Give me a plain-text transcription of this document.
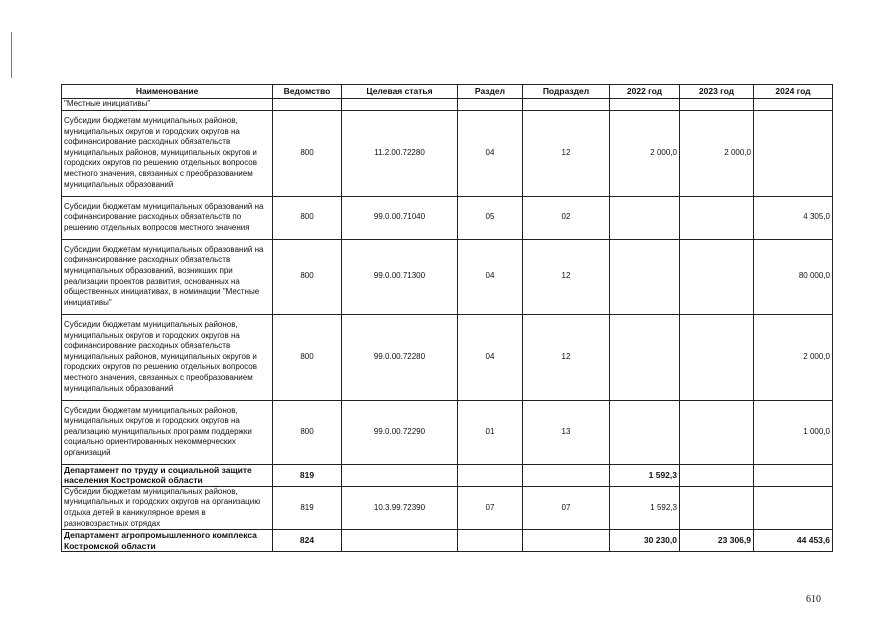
Наименование	Ведомство	Целевая статья	Раздел	Подраздел	2022 год	2023 год	2024 год
"Местные инициативы"							
Субсидии бюджетам муниципальных районов, муниципальных округов и городских округов на софинансирование расходных обязательств муниципальных районов, муниципальных округов и городских округов по решению отдельных вопросов местного значения, связанных с преобразованием муниципальных образований	800	11.2.00.72280	04	12	2 000,0	2 000,0	
Субсидии бюджетам муниципальных образований на софинансирование расходных обязательств по решению отдельных вопросов местного значения	800	99.0.00.71040	05	02			4 305,0
Субсидии бюджетам муниципальных образований на софинансирование расходных обязательств муниципальных образований, возникших при реализации проектов развития, основанных на общественных инициативах, в номинации "Местные инициативы"	800	99.0.00.71300	04	12			80 000,0
Субсидии бюджетам муниципальных районов, муниципальных округов и городских округов на софинансирование расходных обязательств муниципальных районов, муниципальных округов и городских округов по решению отдельных вопросов местного значения, связанных с преобразованием муниципальных образований	800	99.0.00.72280	04	12			2 000,0
Субсидии бюджетам муниципальных районов, муниципальных округов и городских округов на реализацию муниципальных программ поддержки социально ориентированных некоммерческих организаций	800	99.0.00.72290	01	13			1 000,0
Департамент по труду и социальной защите населения Костромской области	819				1 592,3		
Субсидии бюджетам муниципальных районов, муниципальных и городских округов на организацию отдыха детей в каникулярное время в разновозрастных отрядах	819	10.3.99.72390	07	07	1 592,3		
Департамент агропромышленного комплекса Костромской области	824				30 230,0	23 306,9	44 453,6
610
